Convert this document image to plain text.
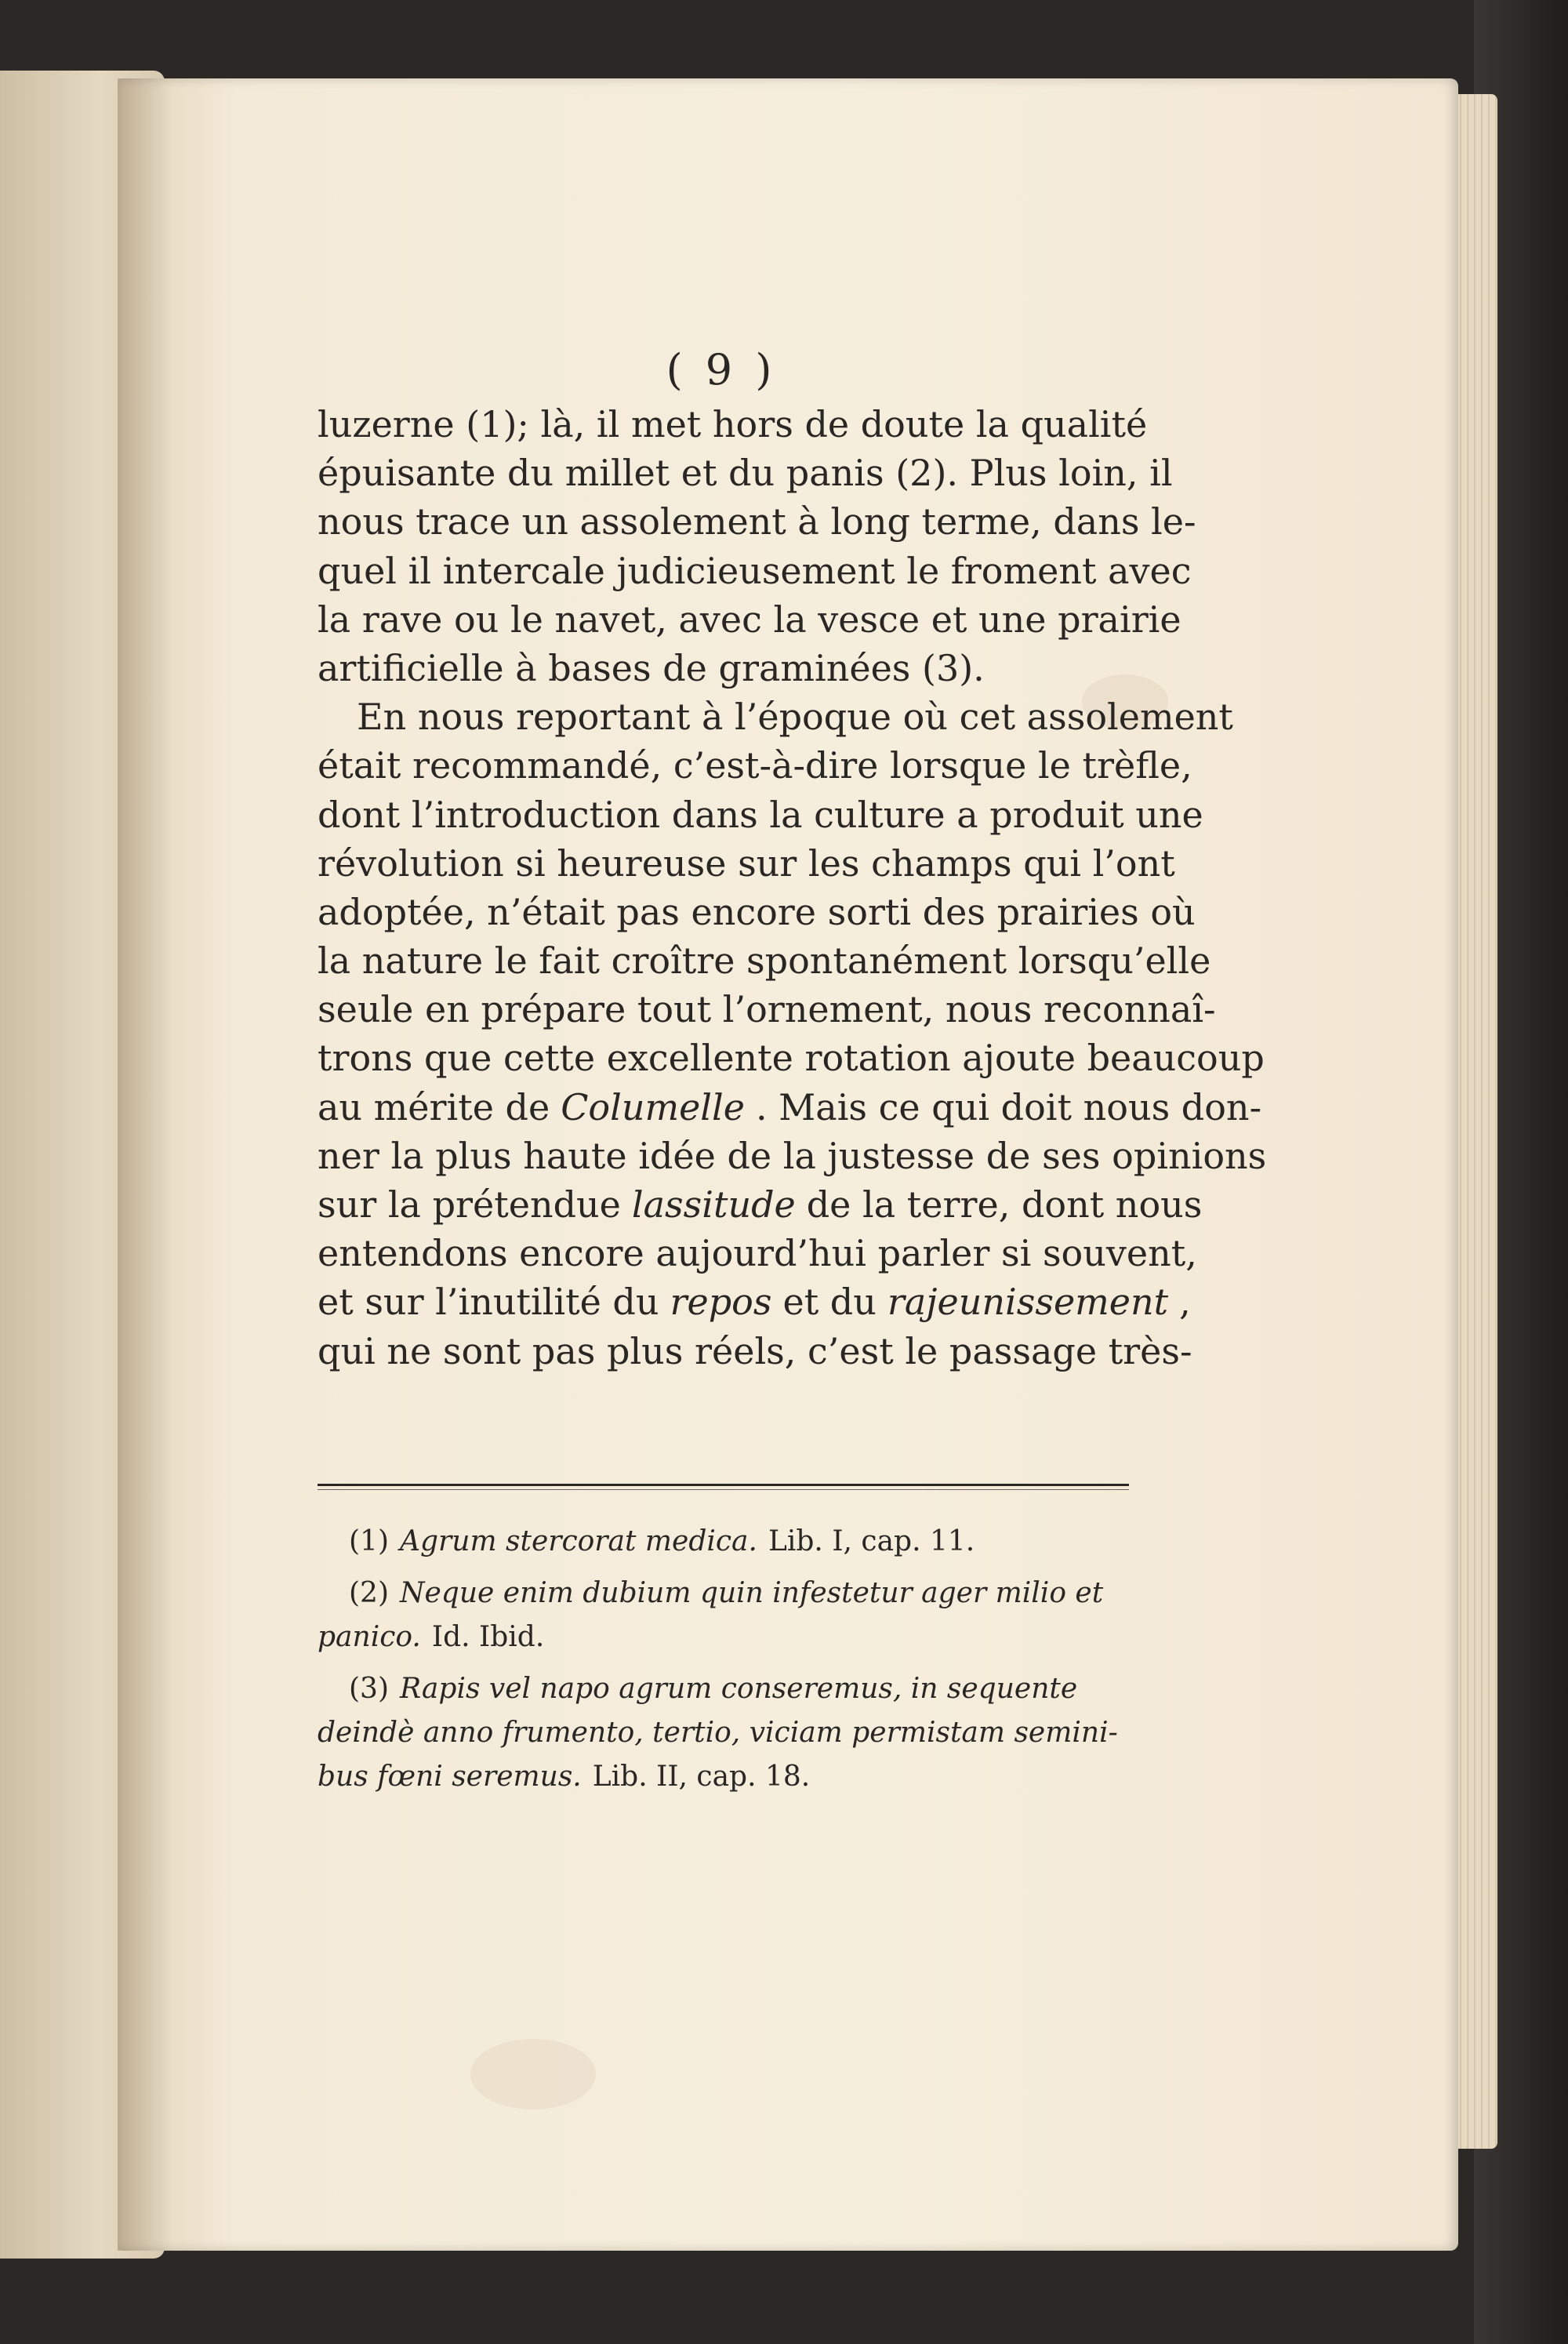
( 9 )
luzerne (1); là, il met hors de doute la qualité
épuisante du millet et du panis (2). Plus loin, il
nous trace un assolement à long terme, dans le-
quel il intercale judicieusement le froment avec
la rave ou le navet, avec la vesce et une prairie
artificielle à bases de graminées (3).
En nous reportant à l’époque où cet assolement
était recommandé, c’est-à-dire lorsque le trèfle,
dont l’introduction dans la culture a produit une
révolution si heureuse sur les champs qui l’ont
adoptée, n’était pas encore sorti des prairies où
la nature le fait croître spontanément lorsqu’elle
seule en prépare tout l’ornement, nous reconnaî-
trons que cette excellente rotation ajoute beaucoup
au mérite de Columelle . Mais ce qui doit nous don-
ner la plus haute idée de la justesse de ses opinions
sur la prétendue lassitude de la terre, dont nous
entendons encore aujourd’hui parler si souvent,
et sur l’inutilité du repos et du rajeunissement ,
qui ne sont pas plus réels, c’est le passage très-
(1) Agrum stercorat medica. Lib. I, cap. 11.
(2) Neque enim dubium quin infestetur ager milio et
panico. Id. Ibid.
(3) Rapis vel napo agrum conseremus, in sequente
deindè anno frumento, tertio, viciam permistam semini-
bus fœni seremus. Lib. II, cap. 18.
